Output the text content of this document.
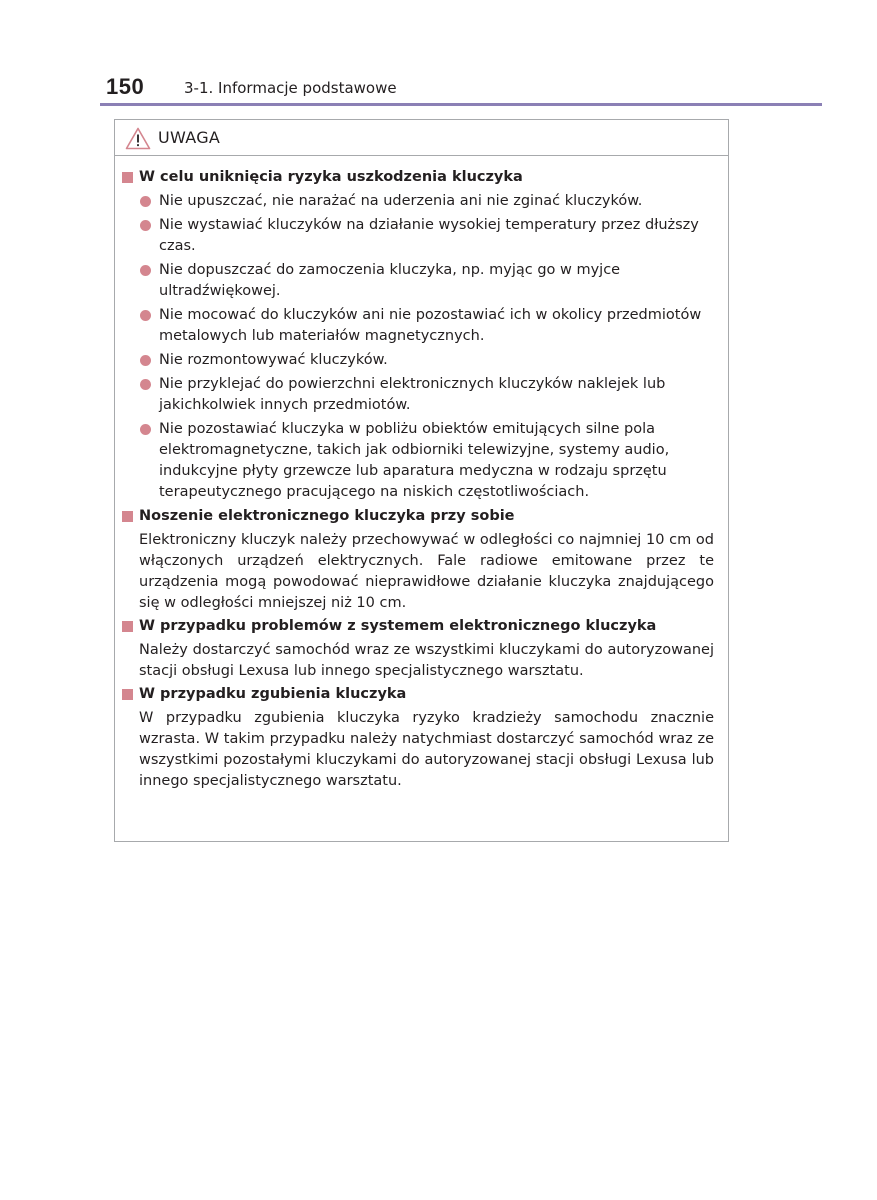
150	3-1. Informacje podstawowe
UWAGA
W celu uniknięcia ryzyka uszkodzenia kluczyka
Nie upuszczać, nie narażać na uderzenia ani nie zginać kluczyków.
Nie wystawiać kluczyków na działanie wysokiej temperatury przez dłuższy czas.
Nie dopuszczać do zamoczenia kluczyka, np. myjąc go w myjce ultradźwiękowej.
Nie mocować do kluczyków ani nie pozostawiać ich w okolicy przedmiotów metalowych lub materiałów magnetycznych.
Nie rozmontowywać kluczyków.
Nie przyklejać do powierzchni elektronicznych kluczyków naklejek lub jakichkolwiek innych przedmiotów.
Nie pozostawiać kluczyka w pobliżu obiektów emitujących silne pola elektromagnetyczne, takich jak odbiorniki telewizyjne, systemy audio, indukcyjne płyty grzewcze lub aparatura medyczna w rodzaju sprzętu terapeutycznego pracującego na niskich częstotliwościach.
Noszenie elektronicznego kluczyka przy sobie
Elektroniczny kluczyk należy przechowywać w odległości co najmniej 10 cm od włączonych urządzeń elektrycznych. Fale radiowe emitowane przez te urządzenia mogą powodować nieprawidłowe działanie kluczyka znajdującego się w odległości mniejszej niż 10 cm.
W przypadku problemów z systemem elektronicznego kluczyka
Należy dostarczyć samochód wraz ze wszystkimi kluczykami do autoryzowanej stacji obsługi Lexusa lub innego specjalistycznego warsztatu.
W przypadku zgubienia kluczyka
W przypadku zgubienia kluczyka ryzyko kradzieży samochodu znacznie wzrasta. W takim przypadku należy natychmiast dostarczyć samochód wraz ze wszystkimi pozostałymi kluczykami do autoryzowanej stacji obsługi Lexusa lub innego specjalistycznego warsztatu.
